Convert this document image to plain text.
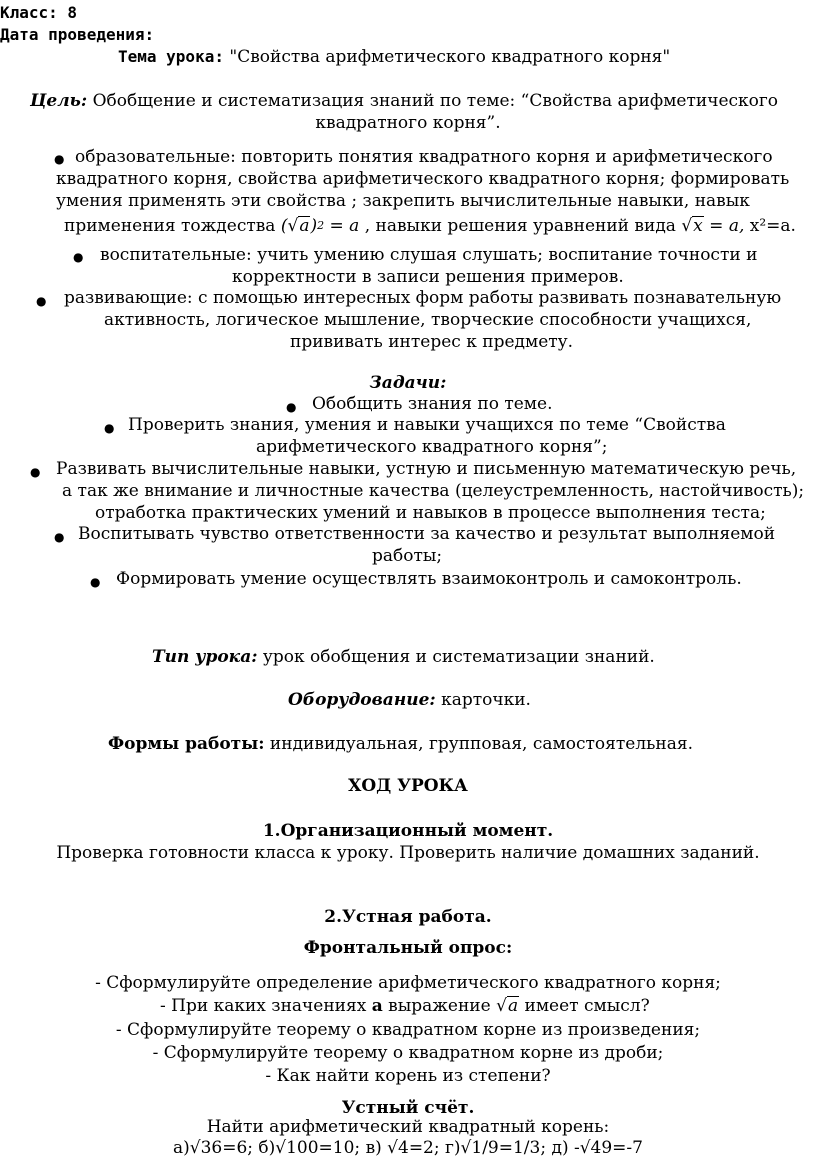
Класс: 8
Дата проведения:
Тема урока: "Свойства арифметического квадратного корня"
Цель: Обобщение и систематизация знаний по теме: “Свойства арифметического
квадратного корня”.
● образовательные: повторить понятия квадратного корня и арифметического
квадратного корня, свойства арифметического квадратного корня; формировать
умения применять эти свойства ; закрепить вычислительные навыки, навык
применения тождества $(√a)^2 = a$ , навыки решения уравнений вида √x = a, x²=a.
● воспитательные: учить умению слушая слушать; воспитание точности и
корректности в записи решения примеров.
● развивающие: с помощью интересных форм работы развивать познавательную
активность, логическое мышление, творческие способности учащихся,
прививать интерес к предмету.
Задачи:
● Обобщить знания по теме.
● Проверить знания, умения и навыки учащихся по теме “Свойства
арифметического квадратного корня”;
● Развивать вычислительные навыки, устную и письменную математическую речь,
а так же внимание и личностные качества (целеустремленность, настойчивость);
отработка практических умений и навыков в процессе выполнения теста;
● Воспитывать чувство ответственности за качество и результат выполняемой
работы;
● Формировать умение осуществлять взаимоконтроль и самоконтроль.
Тип урока: урок обобщения и систематизации знаний.
Оборудование: карточки.
Формы работы: индивидуальная, групповая, самостоятельная.
ХОД УРОКА
1.Организационный момент.
Проверка готовности класса к уроку. Проверить наличие домашних заданий.
2.Устная работа.
Фронтальный опрос:
- Сформулируйте определение арифметического квадратного корня;
- При каких значениях а выражение √a имеет смысл?
- Сформулируйте теорему о квадратном корне из произведения;
- Сформулируйте теорему о квадратном корне из дроби;
- Как найти корень из степени?
Устный счёт.
Найти арифметический квадратный корень:
а)√36=6; б)√100=10; в) √4=2; г)√1/9=1/3; д) -√49=-7
